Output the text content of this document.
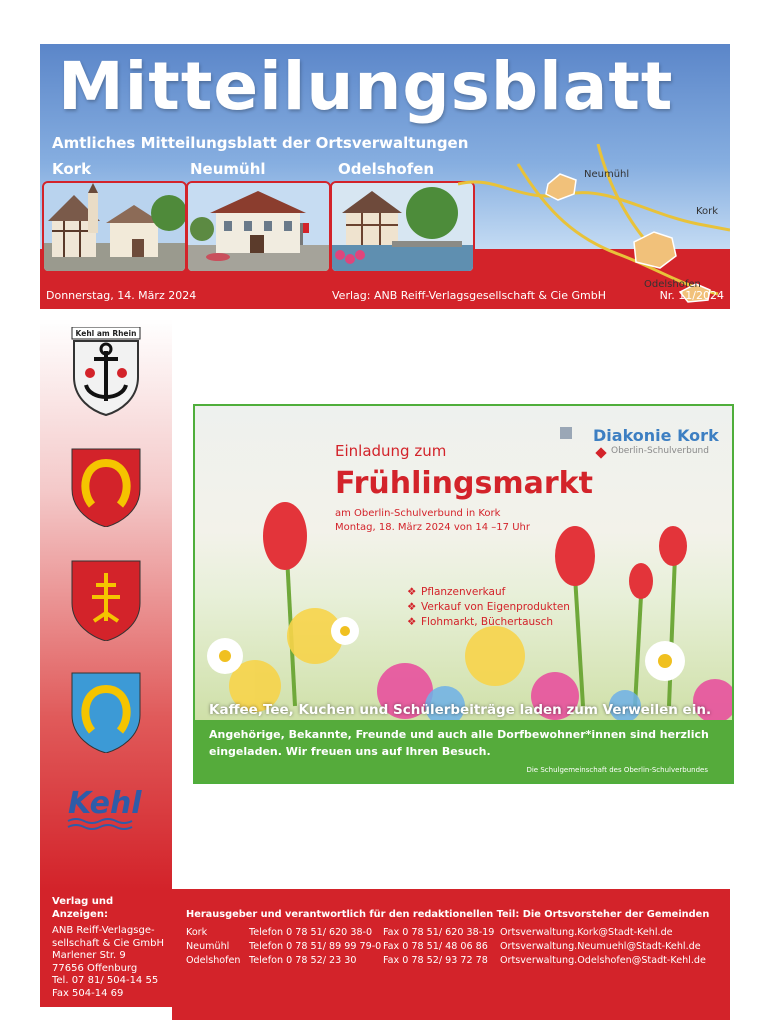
Mitteilungsblatt
Amtliches Mitteilungsblatt der Ortsverwaltungen
Kork	Neumühl	Odelshofen	Neumühl
Kork
Odelshofen
Donnerstag, 14. März 2024	Verlag: ANB Reiff-Verlagsgesellschaft & Cie GmbH	Nr. 11/2024
Kehl am Rhein
Kehl
Verlag und Anzeigen:
ANB Reiff-Verlagsge-
sellschaft & Cie GmbH
Marlener Str. 9
77656 Offenburg
Tel. 07 81/ 504-14 55
Fax 504-14 69
Einladung zum
Frühlingsmarkt
am Oberlin-Schulverbund in Kork
Montag, 18. März 2024 von 14 –17 Uhr
Diakonie Kork
Oberlin-Schulverbund
❖ Pflanzenverkauf
❖ Verkauf von Eigenprodukten
❖ Flohmarkt, Büchertausch
Kaffee,Tee, Kuchen und Schülerbeiträge laden zum Verweilen ein.
Angehörige, Bekannte, Freunde und auch alle Dorfbewohner*innen sind herzlich eingeladen. Wir freuen uns auf Ihren Besuch.
Die Schulgemeinschaft des Oberlin-Schulverbundes
Herausgeber und verantwortlich für den redaktionellen Teil: Die Ortsvorsteher der Gemeinden
Kork	Telefon 0 78 51/ 620 38-0 Fax 0 78 51/ 620 38-19 Ortsverwaltung.Kork@Stadt-Kehl.de
Neumühl Telefon 0 78 51/ 89 99 79-0 Fax 0 78 51/ 48 06 86 Ortsverwaltung.Neumuehl@Stadt-Kehl.de
Odelshofen Telefon 0 78 52/ 23 30	Fax 0 78 52/ 93 72 78 Ortsverwaltung.Odelshofen@Stadt-Kehl.de
